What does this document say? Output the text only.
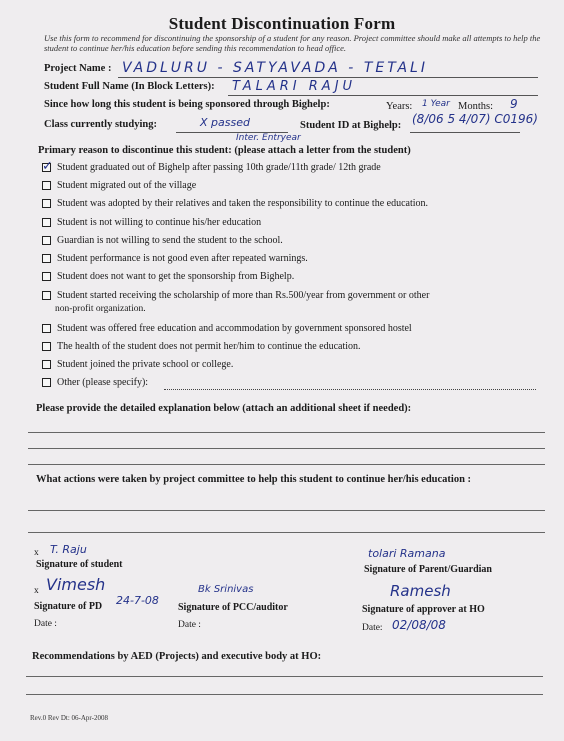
Student Discontinuation Form
Use this form to recommend for discontinuing the sponsorship of a student for any reason. Project committee should make all attempts to help the student to continue her/his education before sending this recommendation to head office.
Project Name : VADLURU - SATYAVADA - TETALI
Student Full Name (In Block Letters): TALARI RAJU
Since how long this student is being sponsored through Bighelp:	Years: 1 Year Months: 9
Class currently studying:	X passed
Inter. Entryear
Student ID at Bighelp: (8/06 5 4/07) C0196)
Primary reason to discontinue this student: (please attach a letter from the student)
✓ Student graduated out of Bighelp after passing 10th grade/11th grade/ 12th grade
Student migrated out of the village
Student was adopted by their relatives and taken the responsibility to continue the education.
Student is not willing to continue his/her education
Guardian is not willing to send the student to the school.
Student performance is not good even after repeated warnings.
Student does not want to get the sponsorship from Bighelp.
Student started receiving the scholarship of more than Rs.500/year from government or other
non-profit organization.
Student was offered free education and accommodation by government sponsored hostel
The health of the student does not permit her/him to continue the education.
Student joined the private school or college.
Other (please specify):
Please provide the detailed explanation below (attach an additional sheet if needed):
What actions were taken by project committee to help this student to continue her/his education :
x T. Raju
Signature of student
tolari Ramana
Signature of Parent/Guardian
x Vimesh
Signature of PD 24-7-08
Date :
Bk Srinivas
Signature of PCC/auditor
Date :
Ramesh
Signature of approver at HO
Date: 02/08/08
Recommendations by AED (Projects) and executive body at HO:
Rev.0 Rev Dt: 06-Apr-2008
